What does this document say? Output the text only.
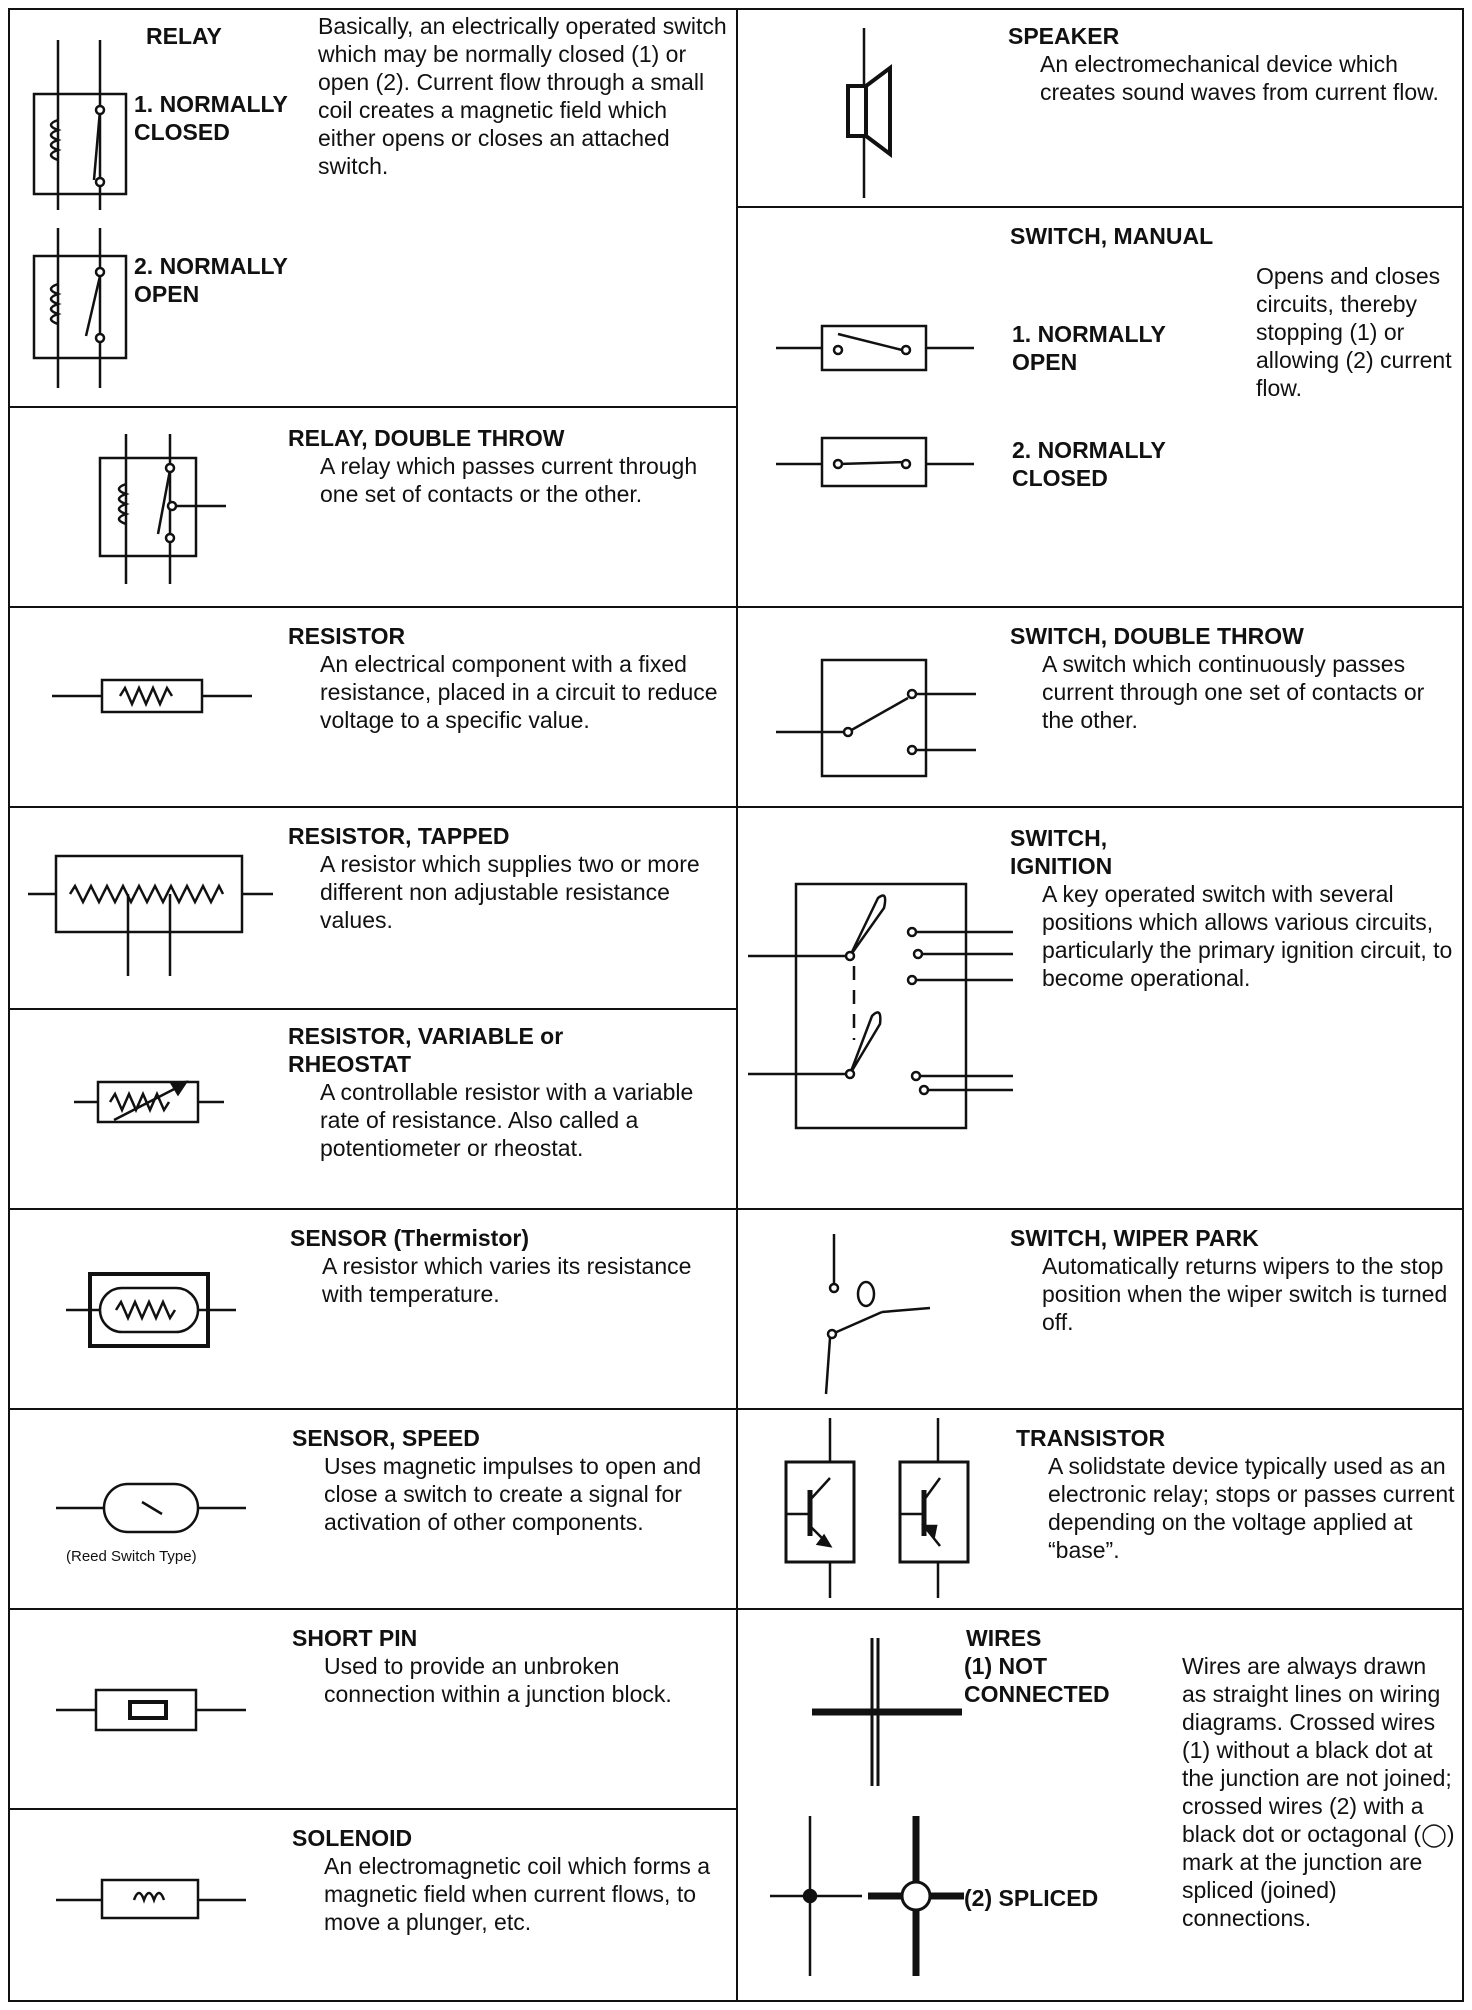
RELAY	Basically, an electrically operated switch which may be normally closed (1) or open (2). Current flow through a small coil creates a magnetic field which either opens or closes an attached switch.
1. NORMALLY CLOSED
2. NORMALLY OPEN
RELAY, DOUBLE THROW
A relay which passes current through one set of contacts or the other.
RESISTOR
An electrical component with a fixed resistance, placed in a circuit to reduce voltage to a specific value.
RESISTOR, TAPPED
A resistor which supplies two or more different non adjustable resistance values.
RESISTOR, VARIABLE or RHEOSTAT
A controllable resistor with a variable rate of resistance. Also called a potentiometer or rheostat.
SENSOR (Thermistor)
A resistor which varies its resistance with temperature.
SENSOR, SPEED
Uses magnetic impulses to open and close a switch to create a signal for activation of other components.
(Reed Switch Type)
SHORT PIN
Used to provide an unbroken connection within a junction block.
SOLENOID
An electromagnetic coil which forms a magnetic field when current flows, to move a plunger, etc.
SPEAKER
An electromechanical device which creates sound waves from current flow.
SWITCH, MANUAL
Opens and closes circuits, thereby stopping (1) or allowing (2) current flow.
1. NORMALLY OPEN
2. NORMALLY CLOSED
SWITCH, DOUBLE THROW
A switch which continuously passes current through one set of contacts or the other.
SWITCH, IGNITION
A key operated switch with several positions which allows various circuits, particularly the primary ignition circuit, to become operational.
SWITCH, WIPER PARK
Automatically returns wipers to the stop position when the wiper switch is turned off.
TRANSISTOR
A solidstate device typically used as an electronic relay; stops or passes current depending on the voltage applied at “base”.
WIRES
(1) NOT CONNECTED
(2) SPLICED
Wires are always drawn as straight lines on wiring diagrams. Crossed wires (1) without a black dot at the junction are not joined; crossed wires (2) with a black dot or octagonal (◯) mark at the junction are spliced (joined) connections.
